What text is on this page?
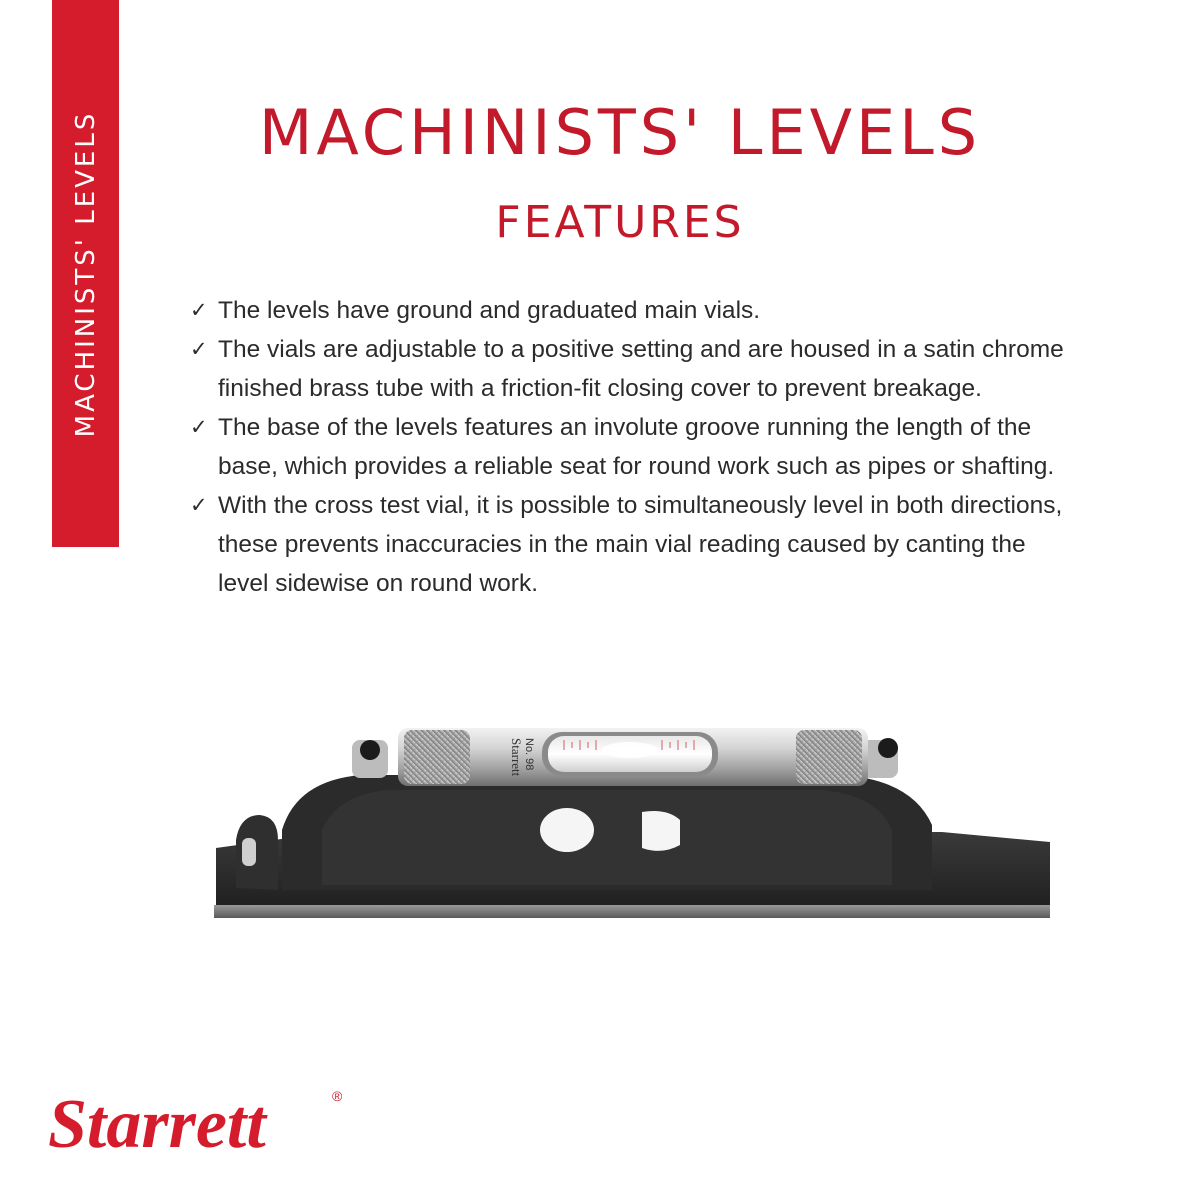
MACHINISTS' LEVELS	MACHINISTS' LEVELS
FEATURES
✓ The levels have ground and graduated main vials.
✓ The vials are adjustable to a positive setting and are housed in a satin chrome finished brass tube with a friction-fit closing cover to prevent breakage.
✓ The base of the levels features an involute groove running the length of the base, which provides a reliable seat for round work such as pipes or shafting.
✓ With the cross test vial, it is possible to simultaneously level in both directions, these prevents inaccuracies in the main vial reading caused by canting the level sidewise on round work.
Starrett No. 98
Starrett	®
